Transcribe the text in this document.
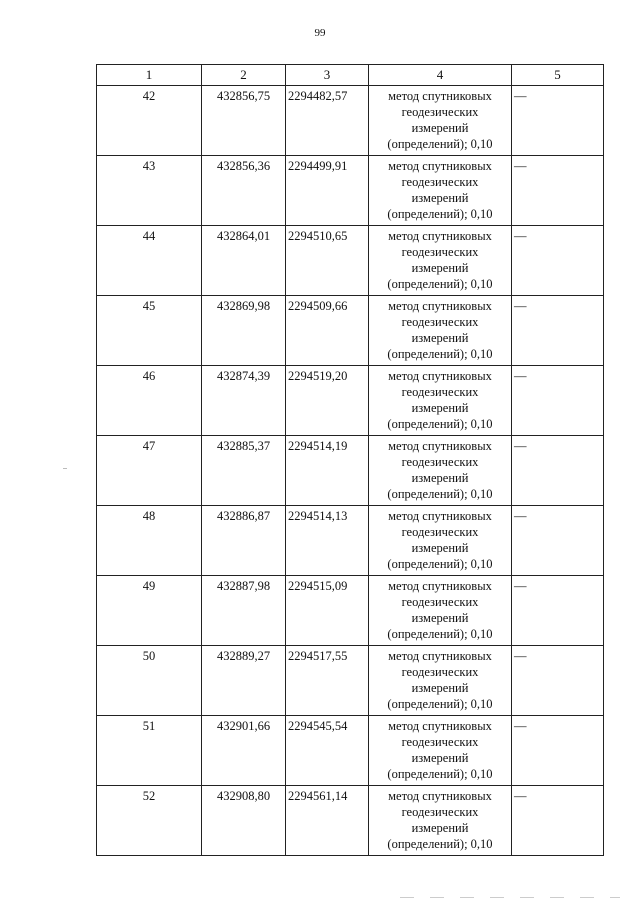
99
1	2	3	4	5
42	432856,75	2294482,57	метод спутниковых
геодезических
измерений
(определений); 0,10	—
43	432856,36	2294499,91	метод спутниковых
геодезических
измерений
(определений); 0,10	—
44	432864,01	2294510,65	метод спутниковых
геодезических
измерений
(определений); 0,10	—
45	432869,98	2294509,66	метод спутниковых
геодезических
измерений
(определений); 0,10	—
46	432874,39	2294519,20	метод спутниковых
геодезических
измерений
(определений); 0,10	—
47	432885,37	2294514,19	метод спутниковых
геодезических
измерений
(определений); 0,10	—
48	432886,87	2294514,13	метод спутниковых
геодезических
измерений
(определений); 0,10	—
49	432887,98	2294515,09	метод спутниковых
геодезических
измерений
(определений); 0,10	—
50	432889,27	2294517,55	метод спутниковых
геодезических
измерений
(определений); 0,10	—
51	432901,66	2294545,54	метод спутниковых
геодезических
измерений
(определений); 0,10	—
52	432908,80	2294561,14	метод спутниковых
геодезических
измерений
(определений); 0,10	—
